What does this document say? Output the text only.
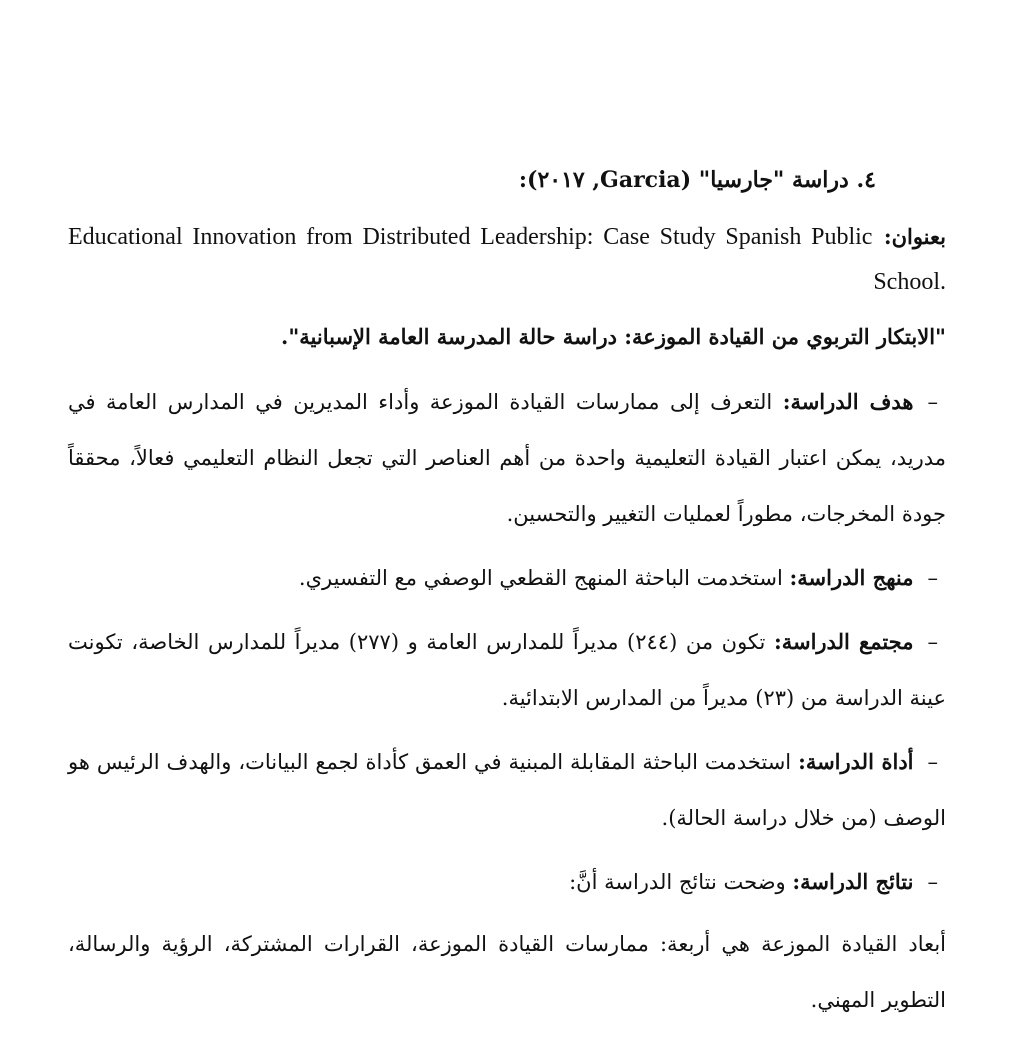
٤. دراسة "جارسيا" (Garcia, ٢٠١٧):
بعنوان: Educational Innovation from Distributed Leadership: Case Study Spanish Public School.
"الابتكار التربوي من القيادة الموزعة: دراسة حالة المدرسة العامة الإسبانية".
–هدف الدراسة: التعرف إلى ممارسات القيادة الموزعة وأداء المديرين في المدارس العامة في مدريد، يمكن اعتبار القيادة التعليمية واحدة من أهم العناصر التي تجعل النظام التعليمي فعالاً، محققاً جودة المخرجات، مطوراً لعمليات التغيير والتحسين.
–منهج الدراسة: استخدمت الباحثة المنهج القطعي الوصفي مع التفسيري.
–مجتمع الدراسة: تكون من (٢٤٤) مديراً للمدارس العامة و (٢٧٧) مديراً للمدارس الخاصة، تكونت عينة الدراسة من (٢٣) مديراً من المدارس الابتدائية.
–أداة الدراسة: استخدمت الباحثة المقابلة المبنية في العمق كأداة لجمع البيانات، والهدف الرئيس هو الوصف (من خلال دراسة الحالة).
–نتائج الدراسة: وضحت نتائج الدراسة أنَّ:
أبعاد القيادة الموزعة هي أربعة: ممارسات القيادة الموزعة، القرارات المشتركة، الرؤية والرسالة، التطوير المهني.
